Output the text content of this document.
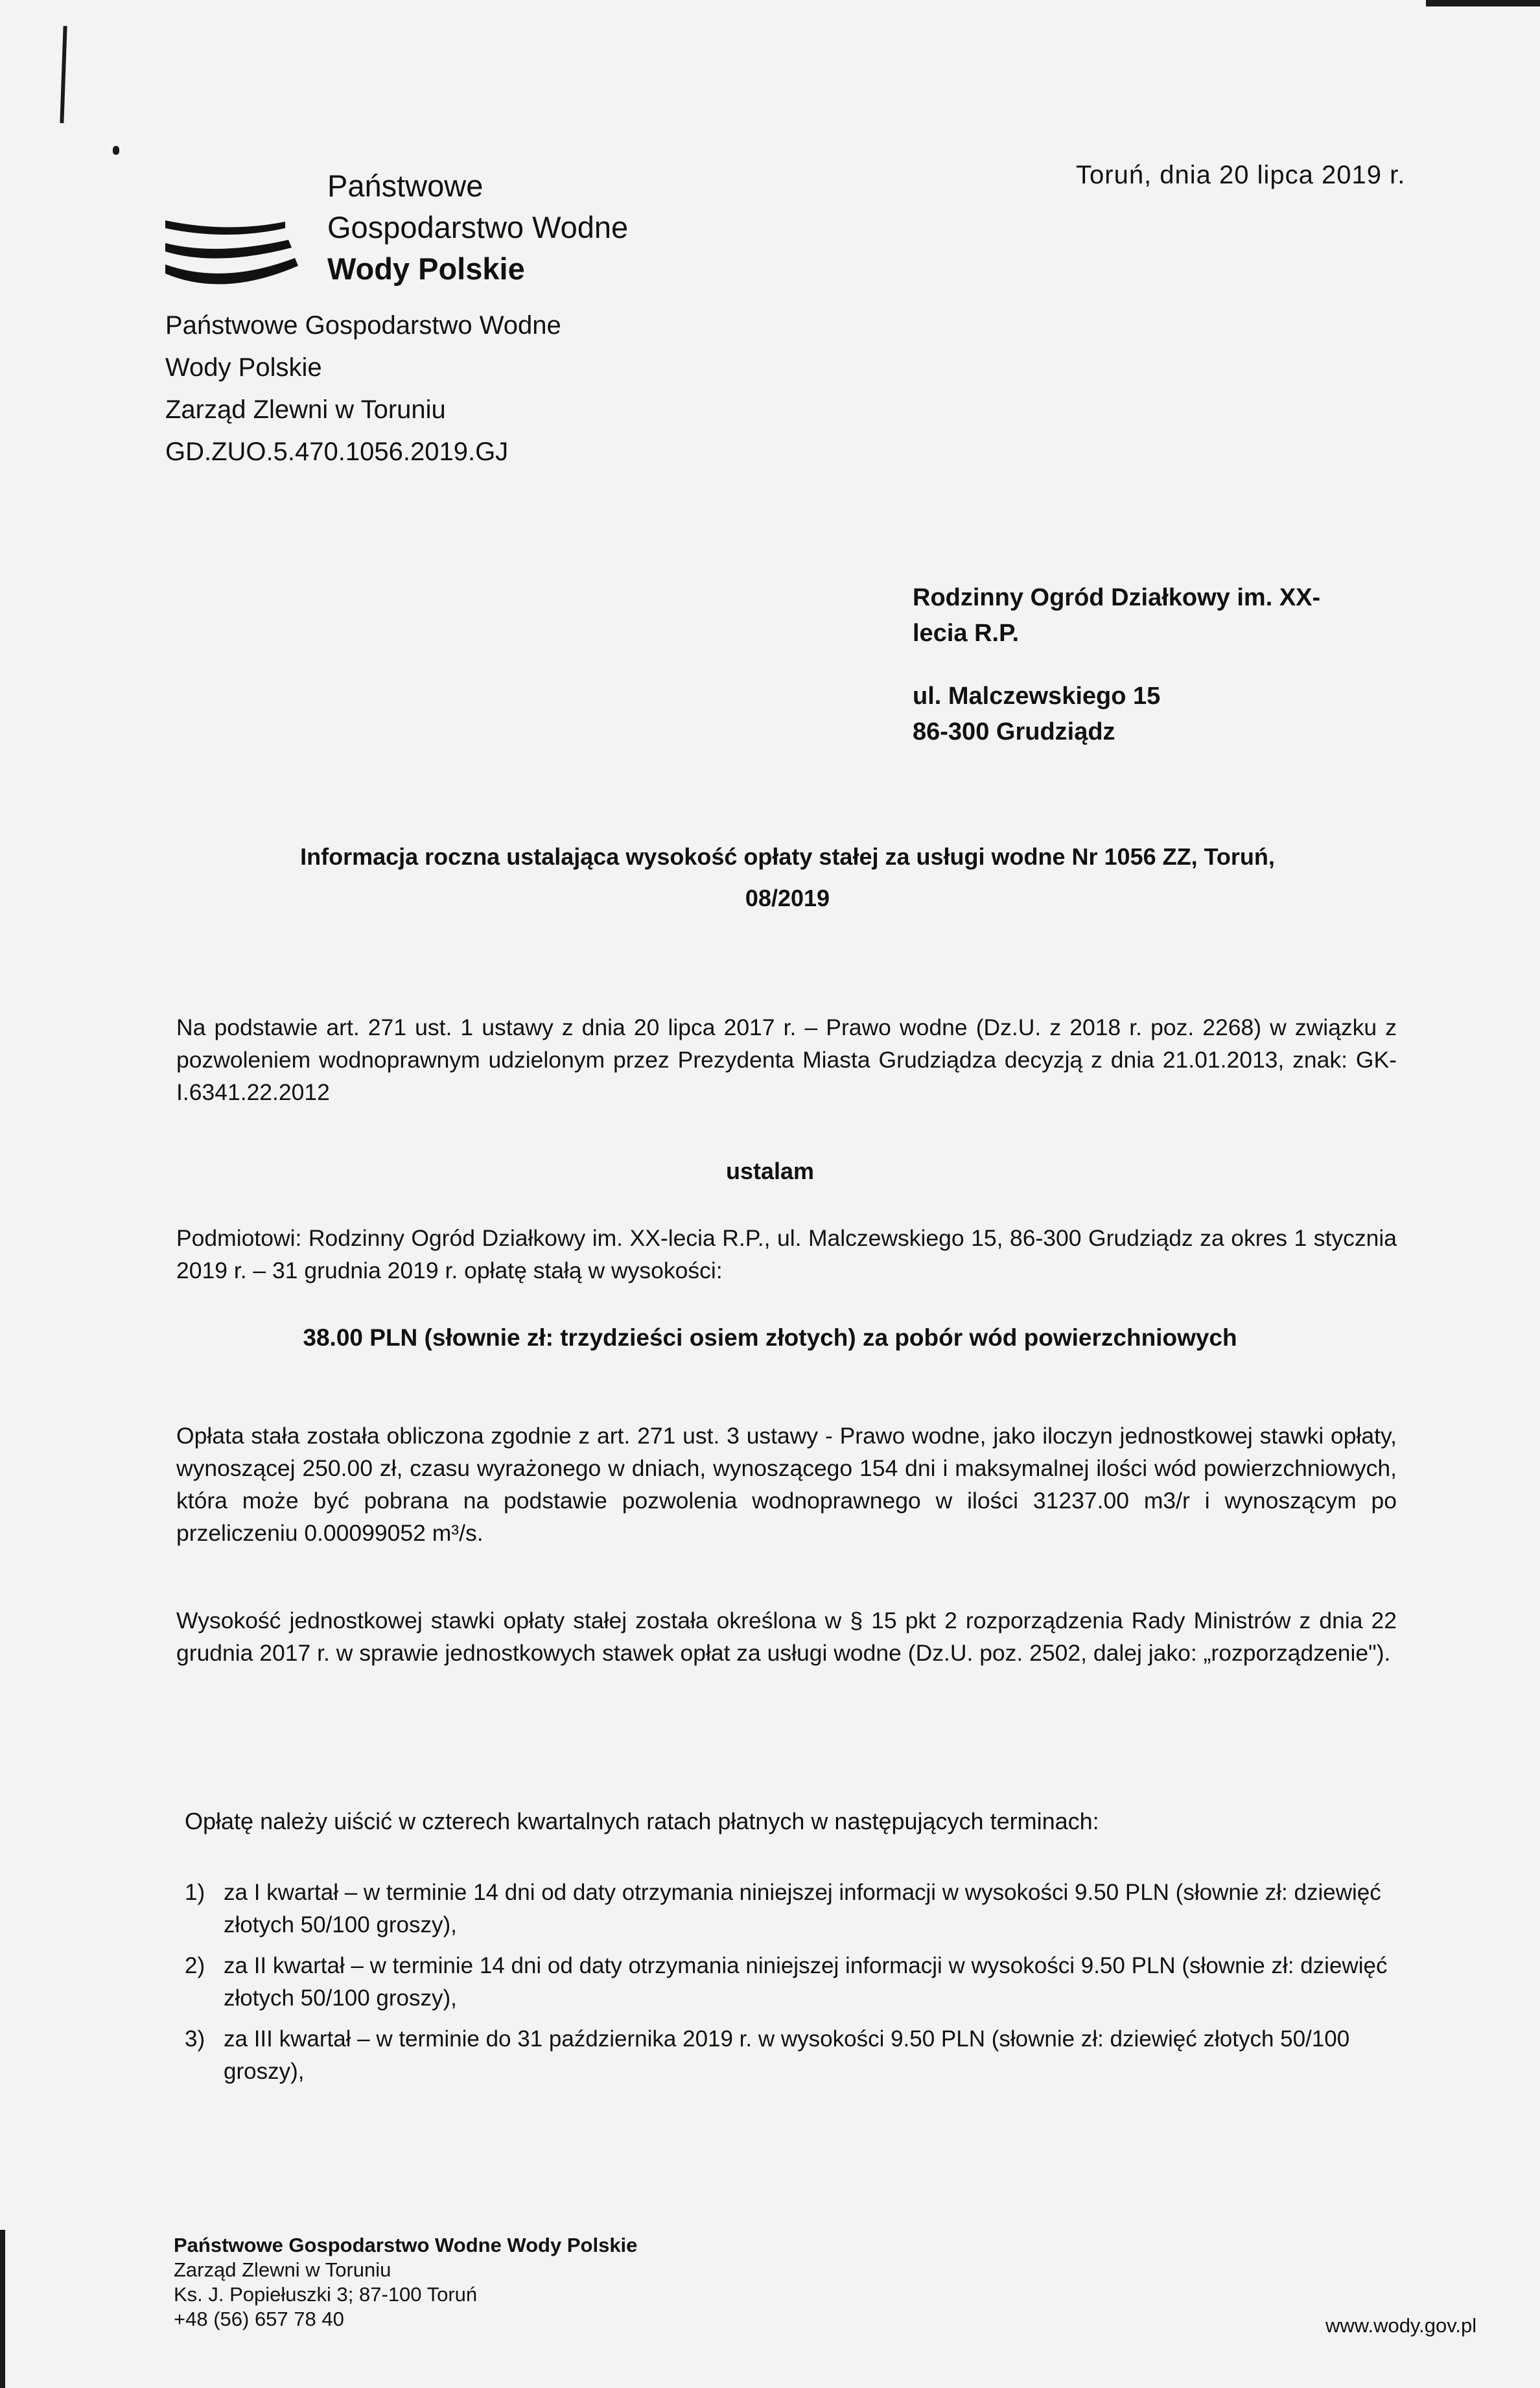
Państwowe
Gospodarstwo Wodne
Wody Polskie
Państwowe Gospodarstwo Wodne
Wody Polskie
Zarząd Zlewni w Toruniu
GD.ZUO.5.470.1056.2019.GJ
Toruń, dnia 20 lipca 2019 r.
Rodzinny Ogród Działkowy im. XX-
lecia R.P.
ul. Malczewskiego 15
86-300 Grudziądz
Informacja roczna ustalająca wysokość opłaty stałej za usługi wodne Nr 1056 ZZ, Toruń,
08/2019
Na podstawie art. 271 ust. 1 ustawy z dnia 20 lipca 2017 r. – Prawo wodne (Dz.U. z 2018 r. poz. 2268) w związku z pozwoleniem wodnoprawnym udzielonym przez Prezydenta Miasta Grudziądza decyzją z dnia 21.01.2013, znak: GK-I.6341.22.2012
ustalam
Podmiotowi: Rodzinny Ogród Działkowy im. XX-lecia R.P., ul. Malczewskiego 15, 86-300 Grudziądz za okres 1 stycznia 2019 r. – 31 grudnia 2019 r. opłatę stałą w wysokości:
38.00 PLN (słownie zł: trzydzieści osiem złotych) za pobór wód powierzchniowych
Opłata stała została obliczona zgodnie z art. 271 ust. 3 ustawy - Prawo wodne, jako iloczyn jednostkowej stawki opłaty, wynoszącej 250.00 zł, czasu wyrażonego w dniach, wynoszącego 154 dni i maksymalnej ilości wód powierzchniowych, która może być pobrana na podstawie pozwolenia wodnoprawnego w ilości 31237.00 m3/r i wynoszącym po przeliczeniu 0.00099052 m³/s.
Wysokość jednostkowej stawki opłaty stałej została określona w § 15 pkt 2 rozporządzenia Rady Ministrów z dnia 22 grudnia 2017 r. w sprawie jednostkowych stawek opłat za usługi wodne (Dz.U. poz. 2502, dalej jako: „rozporządzenie").
Opłatę należy uiścić w czterech kwartalnych ratach płatnych w następujących terminach:
1) za I kwartał – w terminie 14 dni od daty otrzymania niniejszej informacji w wysokości 9.50 PLN (słownie zł: dziewięć złotych 50/100 groszy),
2) za II kwartał – w terminie 14 dni od daty otrzymania niniejszej informacji w wysokości 9.50 PLN (słownie zł: dziewięć złotych 50/100 groszy),
3) za III kwartał – w terminie do 31 października 2019 r. w wysokości 9.50 PLN (słownie zł: dziewięć złotych 50/100 groszy),
Państwowe Gospodarstwo Wodne Wody Polskie
Zarząd Zlewni w Toruniu
Ks. J. Popiełuszki 3; 87-100 Toruń
+48 (56) 657 78 40	www.wody.gov.pl
